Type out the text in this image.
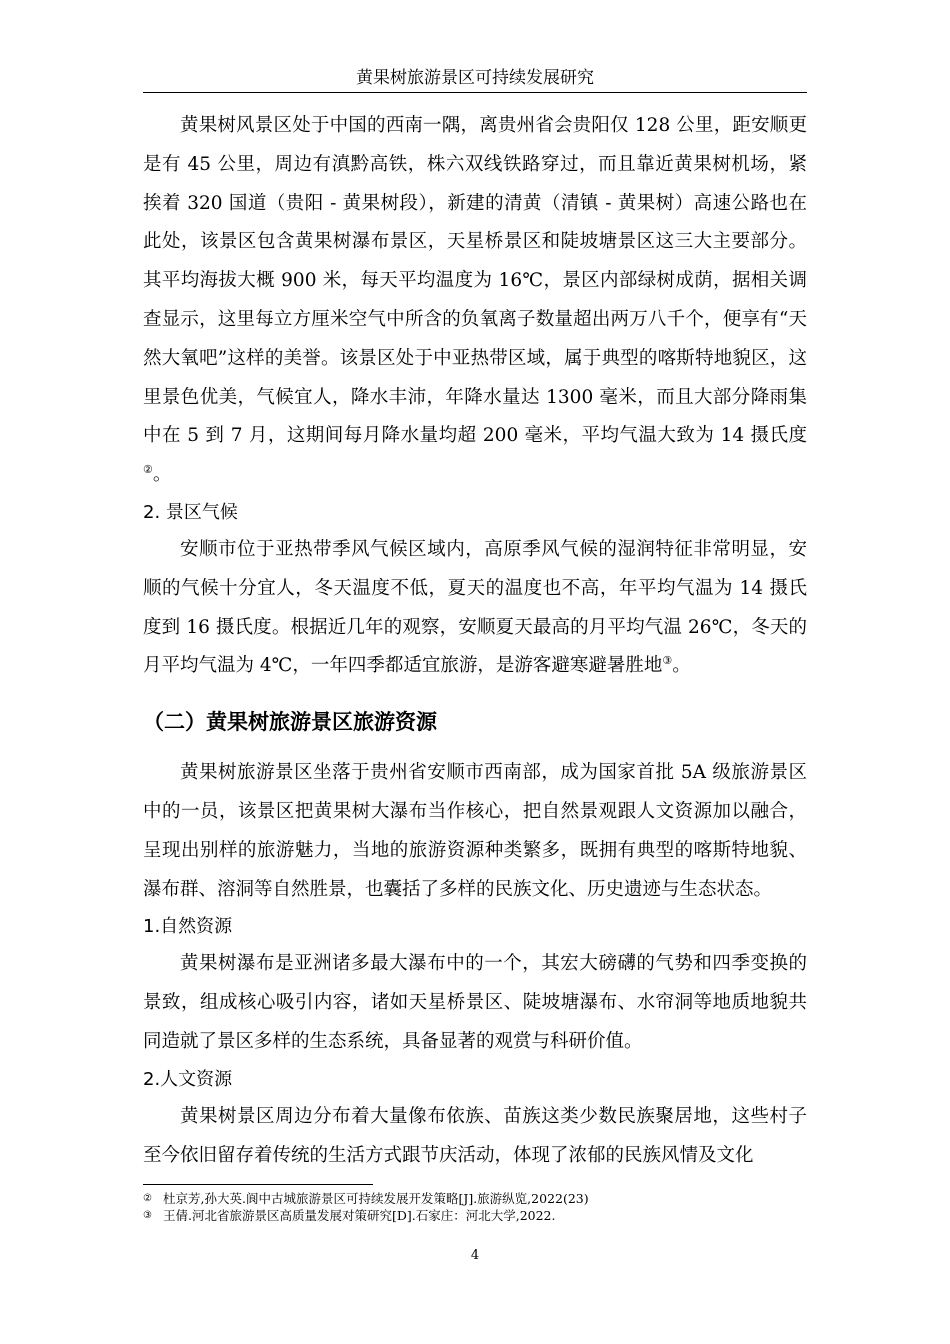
黄果树旅游景区可持续发展研究

黄果树风景区处于中国的西南一隅，离贵州省会贵阳仅 128 公里，距安顺更是有 45 公里，周边有滇黔高铁，株六双线铁路穿过，而且靠近黄果树机场，紧挨着 320 国道（贵阳 - 黄果树段），新建的清黄（清镇 - 黄果树）高速公路也在此处，该景区包含黄果树瀑布景区，天星桥景区和陡坡塘景区这三大主要部分。其平均海拔大概 900 米，每天平均温度为 16℃，景区内部绿树成荫，据相关调查显示，这里每立方厘米空气中所含的负氧离子数量超出两万八千个，便享有“天然大氧吧”这样的美誉。该景区处于中亚热带区域，属于典型的喀斯特地貌区，这里景色优美，气候宜人，降水丰沛，年降水量达 1300 毫米，而且大部分降雨集中在 5 到 7 月，这期间每月降水量均超 200 毫米，平均气温大致为 14 摄氏度②。

2. 景区气候

安顺市位于亚热带季风气候区域内，高原季风气候的湿润特征非常明显，安顺的气候十分宜人，冬天温度不低，夏天的温度也不高，年平均气温为 14 摄氏度到 16 摄氏度。根据近几年的观察，安顺夏天最高的月平均气温 26℃，冬天的月平均气温为 4℃，一年四季都适宜旅游，是游客避寒避暑胜地③。

（二）黄果树旅游景区旅游资源

黄果树旅游景区坐落于贵州省安顺市西南部，成为国家首批 5A 级旅游景区中的一员，该景区把黄果树大瀑布当作核心，把自然景观跟人文资源加以融合，呈现出别样的旅游魅力，当地的旅游资源种类繁多，既拥有典型的喀斯特地貌、瀑布群、溶洞等自然胜景，也囊括了多样的民族文化、历史遗迹与生态状态。

1.自然资源

黄果树瀑布是亚洲诸多最大瀑布中的一个，其宏大磅礴的气势和四季变换的景致，组成核心吸引内容，诸如天星桥景区、陡坡塘瀑布、水帘洞等地质地貌共同造就了景区多样的生态系统，具备显著的观赏与科研价值。

2.人文资源

黄果树景区周边分布着大量像布依族、苗族这类少数民族聚居地，这些村子至今依旧留存着传统的生活方式跟节庆活动，体现了浓郁的民族风情及文化

② 杜京芳,孙大英.阆中古城旅游景区可持续发展开发策略[J].旅游纵览,2022(23)

③ 王倩.河北省旅游景区高质量发展对策研究[D].石家庄：河北大学,2022.

4
